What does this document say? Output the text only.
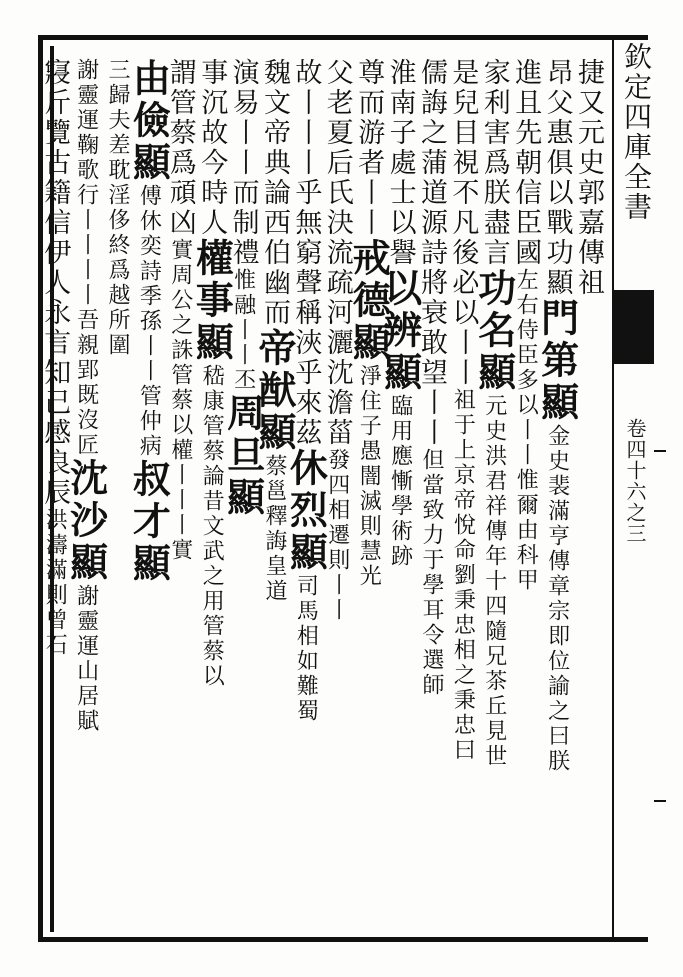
欽定四庫全書
卷四十六之三
捷又元史郭嘉傳祖
昂父惠俱以戰功顯門第顯金史裴滿亨傳章宗即位諭之曰朕
進且先朝信臣國左右侍臣多以丨丨惟爾由科甲
家利害爲朕盡言功名顯元史洪君祥傳年十四隨兄茶丘見世
是兒目視不凡後必以丨丨祖于上京帝悅命劉秉忠相之秉忠曰
儒誨之蒲道源詩將衰敢望丨丨但當致力于學耳令選師
淮南子處士以譽以辨顯臨用應慚學術跡
尊而游者丨丨戒德顯淨住子愚闇滅則慧光
父老夏后氏決流疏河灑沈澹菑發四相遷則丨丨
故丨丨丨乎無窮聲稱浹乎來茲休烈顯司馬相如難蜀
魏文帝典論西伯幽而帝猷顯蔡邕釋誨皇道
演易丨丨而制禮惟融丨丨丕周旦顯
事沉故今時人權事顯嵇康管蔡論昔文武之用管蔡以
謂管蔡爲頑凶實周公之誅管蔡以權丨丨丨實
由儉顯傅休奕詩季孫丨丨管仲病叔才顯
三歸夫差耽淫侈終爲越所圍
謝靈運鞠歌行丨丨丨丨吾親郢既沒匠沈沙顯謝靈運山居賦
寢斤覽古籍信伊人永言知己感良辰洪濤滿則曾石
